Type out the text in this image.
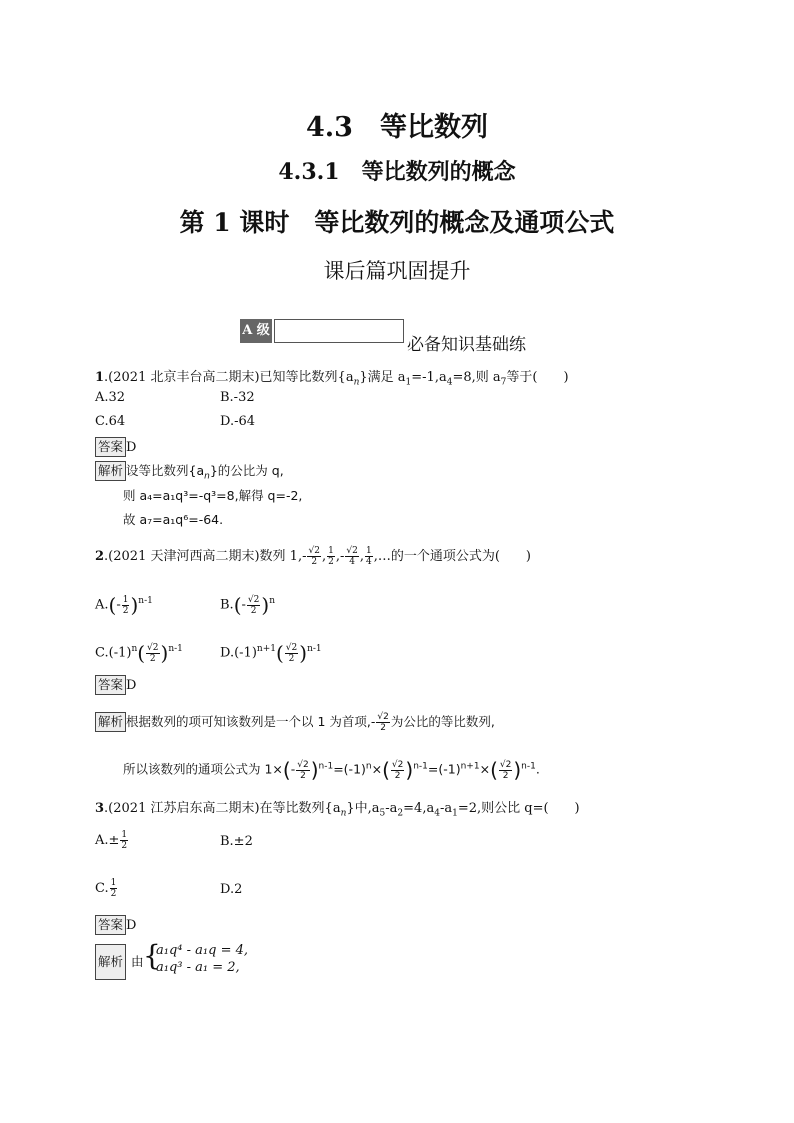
4.3　等比数列
4.3.1　等比数列的概念
第 1 课时　等比数列的概念及通项公式
课后篇巩固提升
A 级
必备知识基础练
1.(2021 北京丰台高二期末)已知等比数列$\{a_n\}$满足 $a_1=-1,a_4=8$,则 $a_7$等于(　　)
A.32	B.-32
C.64	D.-64
答案 D
解析 设等比数列$\{a_n\}$的公比为 q,
则 a₄=a₁q³=-q³=8,解得 q=-2,
故 a₇=a₁q⁶=-64.
2.(2021 天津河西高二期末)数列 $1,- \frac{√2}{2}$ , $\frac{1}{2}$ ,- $\frac{√2}{4}$ , $\frac{1}{4}$ ,…的一个通项公式为(　　)
$A.(- \frac{1}{2} )^{n-1}$	$B.(- \frac{√2}{2} )^n$
$C.(-1)^n( \frac{√2}{2} )^{n-1}$	$D.(-1)^{n+1}( \frac{√2}{2} )^{n-1}$
答案 D
解析 根据数列的项可知该数列是一个以 1 为首项,- $\frac{√2}{2}$ 为公比的等比数列,
所以该数列的通项公式为 $1\times(- \frac{√2}{2} )^{n-1}=(-1)^n\times( \frac{√2}{2} )^{n-1}=(-1)^{n+1}\times( \frac{√2}{2} )^{n-1}$.
3.(2021 江苏启东高二期末)在等比数列$\{a_n\}$中$,a_5-a_2=4,a_4-a_1=2$,则公比 q=(　　)
$A.\pm \frac{1}{2}$	B.±2
C. $\frac{1}{2}$	D.2
答案 D
解析 由 {
a₁q⁴ - a₁q = 4,
a₁q³ - a₁ = 2,
